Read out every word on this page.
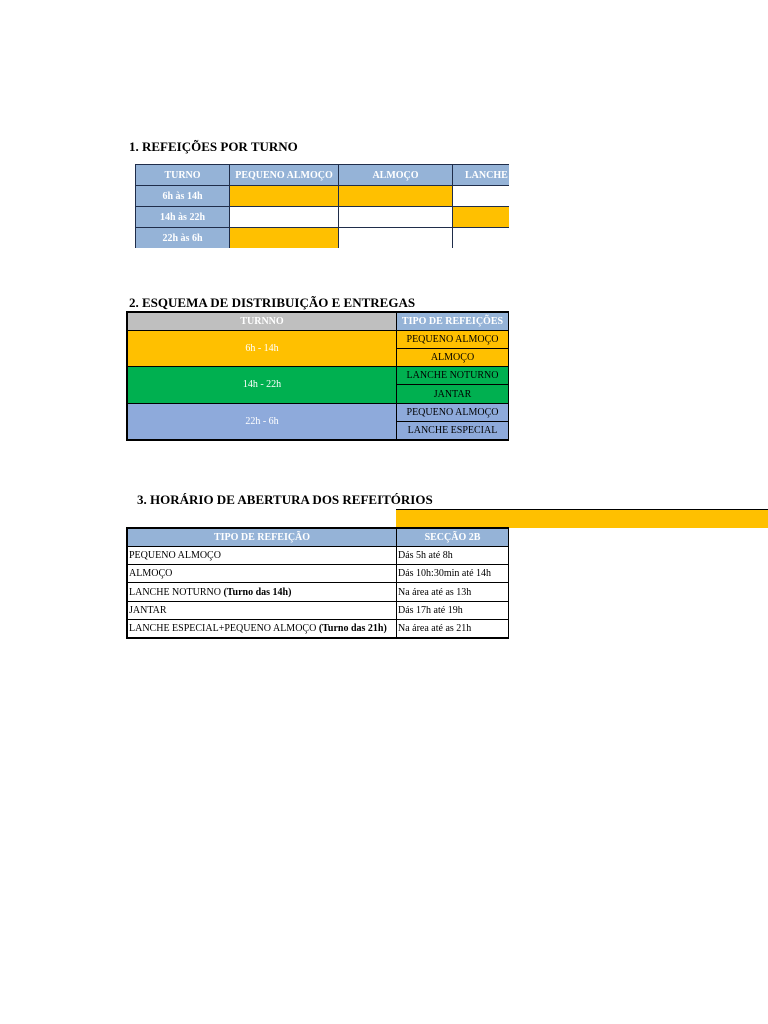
1. REFEIÇÕES POR TURNO
TURNO	PEQUENO ALMOÇO	ALMOÇO	LANCHE
6h às 14h			
14h às 22h			
22h às 6h			
2. ESQUEMA DE DISTRIBUIÇÃO E ENTREGAS
TURNNO	TIPO DE REFEIÇÕES
6h - 14h	PEQUENO ALMOÇO
	ALMOÇO
14h - 22h	LANCHE NOTURNO
	JANTAR
22h - 6h	PEQUENO ALMOÇO
	LANCHE ESPECIAL
3. HORÁRIO DE ABERTURA DOS REFEITÓRIOS
TIPO DE REFEIÇÃO	SECÇÃO 2B
PEQUENO ALMOÇO	Dás 5h até 8h
ALMOÇO	Dás 10h:30min até 14h
LANCHE NOTURNO (Turno das 14h)	Na área até as 13h
JANTAR	Dás 17h até 19h
LANCHE ESPECIAL+PEQUENO ALMOÇO (Turno das 21h)	Na área até as 21h
